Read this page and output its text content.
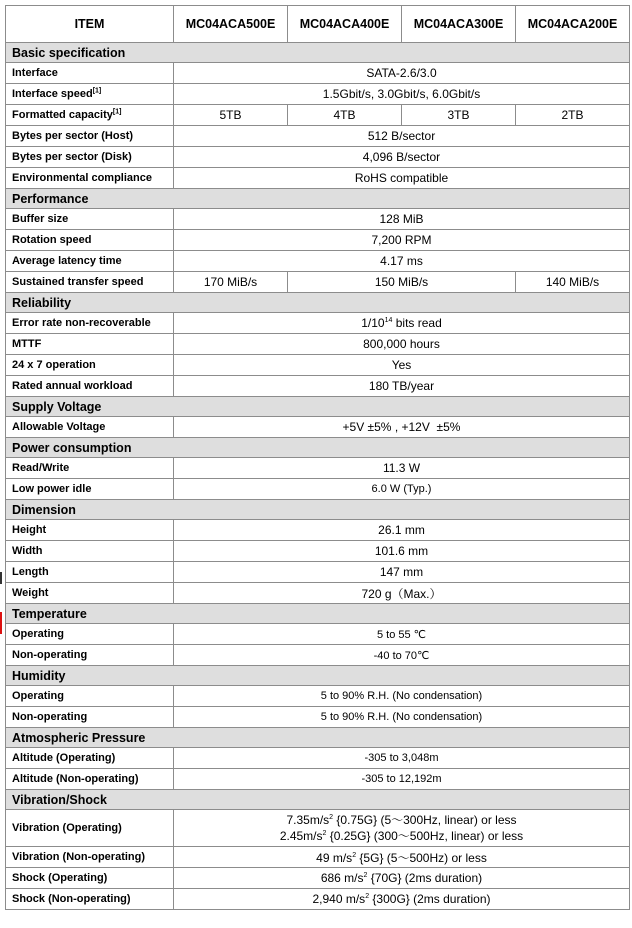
ITEM	MC04ACA500E	MC04ACA400E	MC04ACA300E	MC04ACA200E
Basic specification				
Interface	SATA-2.6/3.0			
Interface speed[1]	1.5Gbit/s, 3.0Gbit/s, 6.0Gbit/s			
Formatted capacity[1]	5TB	4TB	3TB	2TB
Bytes per sector (Host)	512 B/sector			
Bytes per sector (Disk)	4,096 B/sector			
Environmental compliance	RoHS compatible			
Performance				
Buffer size	128 MiB			
Rotation speed	7,200 RPM			
Average latency time	4.17 ms			
Sustained transfer speed	170 MiB/s	150 MiB/s		140 MiB/s
Reliability				
Error rate non-recoverable	$1/10^{14}$ bits read			
MTTF	800,000 hours			
24 x 7 operation	Yes			
Rated annual workload	180 TB/year			
Supply Voltage				
Allowable Voltage	+5V ±5% , +12V  ±5%			
Power consumption				
Read/Write	11.3 W			
Low power idle	6.0 W (Typ.)			
Dimension				
Height	26.1 mm			
Width	101.6 mm			
Length	147 mm			
Weight	720 g（Max.）			
Temperature				
Operating	5 to 55 ℃			
Non-operating	-40 to 70℃			
Humidity				
Operating	5 to 90% R.H. (No condensation)			
Non-operating	5 to 90% R.H. (No condensation)			
Atmospheric Pressure				
Altitude (Operating)	-305 to 3,048m			
Altitude (Non-operating)	-305 to 12,192m			
Vibration/Shock				
Vibration (Operating)	$7.35m/s^2$ {0.75G} (5～300Hz, linear) or less
$2.45m/s^2$ {0.25G} (300～500Hz, linear) or less			

Vibration (Non-operating)	49 $m/s^2$ {5G} (5～500Hz) or less			
Shock (Operating)	686 $m/s^2$ {70G} (2ms duration)			
Shock (Non-operating)	2,940 $m/s^2$ {300G} (2ms duration)			
